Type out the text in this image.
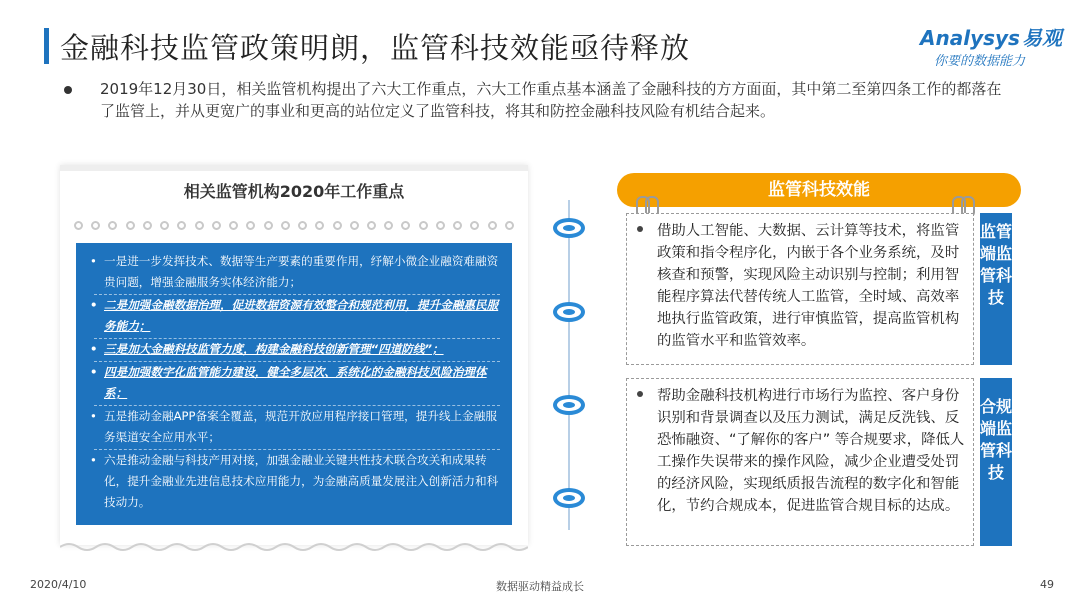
金融科技监管政策明朗，监管科技效能亟待释放	Analysys 易观
你要的数据能力
2019年12月30日，相关监管机构提出了六大工作重点，六大工作重点基本涵盖了金融科技的方方面面，其中第二至第四条工作的都落在了监管上，并从更宽广的事业和更高的站位定义了监管科技，将其和防控金融科技风险有机结合起来。
相关监管机构2020年工作重点
• 一是进一步发挥技术、数据等生产要素的重要作用，纾解小微企业融资难融资贵问题，增强金融服务实体经济能力；
• 二是加强金融数据治理，促进数据资源有效整合和规范利用，提升金融惠民服务能力；
• 三是加大金融科技监管力度，构建金融科技创新管理“四道防线”；
• 四是加强数字化监管能力建设，健全多层次、系统化的金融科技风险治理体系；
• 五是推动金融APP备案全覆盖，规范开放应用程序接口管理，提升线上金融服务渠道安全应用水平；
• 六是推动金融与科技产用对接，加强金融业关键共性技术联合攻关和成果转化，提升金融业先进信息技术应用能力，为金融高质量发展注入创新活力和科技动力。
监管科技效能

借助人工智能、大数据、云计算等技术，将监管政策和指令程序化，内嵌于各个业务系统，及时核查和预警，实现风险主动识别与控制；利用智能程序算法代替传统人工监管，全时域、高效率地执行监管政策，进行审慎监管，提高监管机构的监管水平和监管效率。

监管端监管科技

帮助金融科技机构进行市场行为监控、客户身份识别和背景调查以及压力测试，满足反洗钱、反恐怖融资、“了解你的客户” 等合规要求，降低人工操作失误带来的操作风险，减少企业遭受处罚的经济风险，实现纸质报告流程的数字化和智能化，节约合规成本，促进监管合规目标的达成。

合规端监管科技
2020/4/10	数据驱动精益成长	49
